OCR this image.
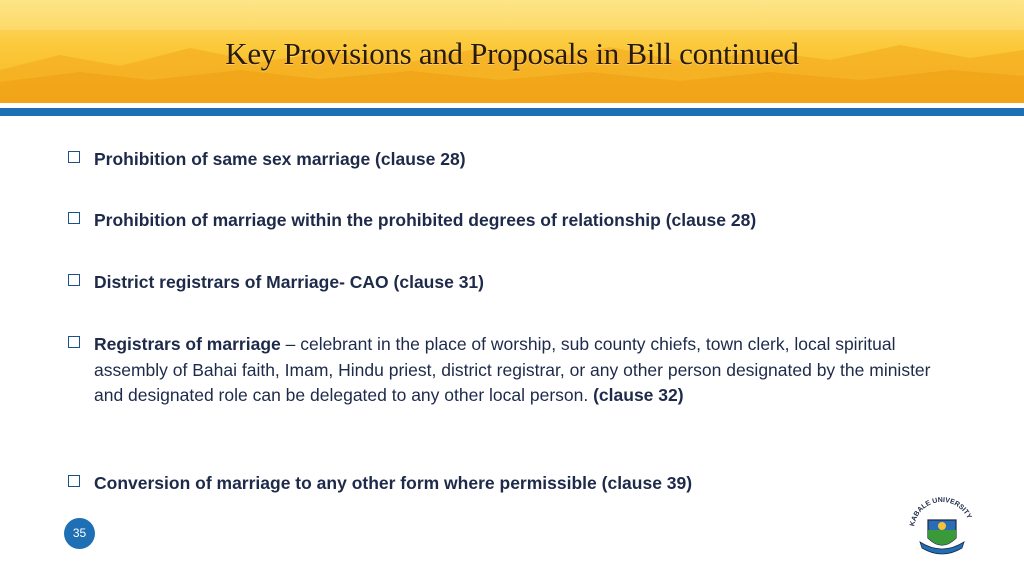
Key Provisions and Proposals in Bill continued
Prohibition of same sex marriage (clause 28)
Prohibition of marriage within the prohibited degrees of relationship (clause 28)
District registrars of Marriage- CAO (clause 31)
Registrars of marriage – celebrant in the place of worship, sub county chiefs, town clerk, local spiritual assembly of Bahai faith, Imam, Hindu priest, district registrar, or any other person designated by the minister and designated role can be delegated to any other local person. (clause 32)
Conversion of marriage to any other form where permissible (clause 39)
35
KABALE UNIVERSITY
